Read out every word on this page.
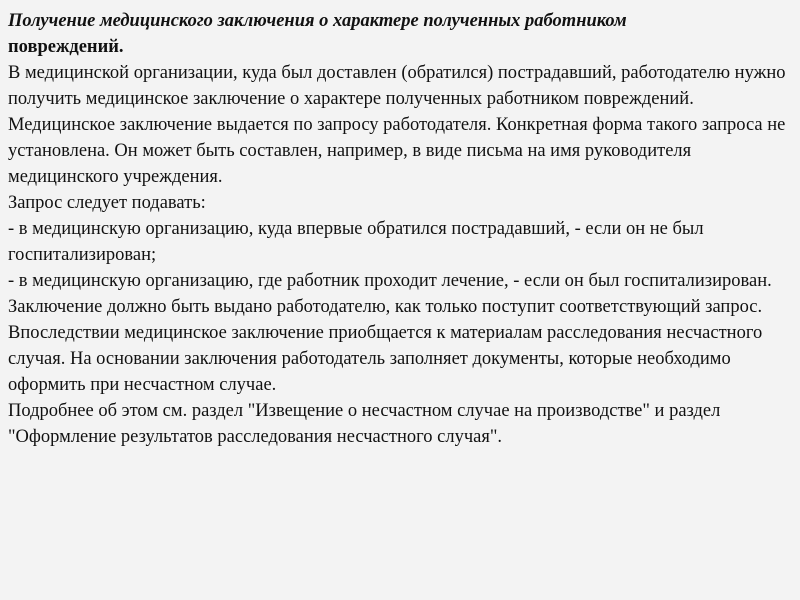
Получение медицинского заключения о характере полученных работником
повреждений.

В медицинской организации, куда был доставлен (обратился) пострадавший, работодателю нужно получить медицинское заключение о характере полученных работником повреждений.

Медицинское заключение выдается по запросу работодателя. Конкретная форма такого запроса не установлена. Он может быть составлен, например, в виде письма на имя руководителя медицинского учреждения.

Запрос следует подавать:

- в медицинскую организацию, куда впервые обратился пострадавший, - если он не был госпитализирован;

- в медицинскую организацию, где работник проходит лечение, - если он был госпитализирован.

Заключение должно быть выдано работодателю, как только поступит соответствующий запрос.

Впоследствии медицинское заключение приобщается к материалам расследования несчастного случая. На основании заключения работодатель заполняет документы, которые необходимо оформить при несчастном случае.

Подробнее об этом см. раздел "Извещение о несчастном случае на производстве" и раздел "Оформление результатов расследования несчастного случая".
